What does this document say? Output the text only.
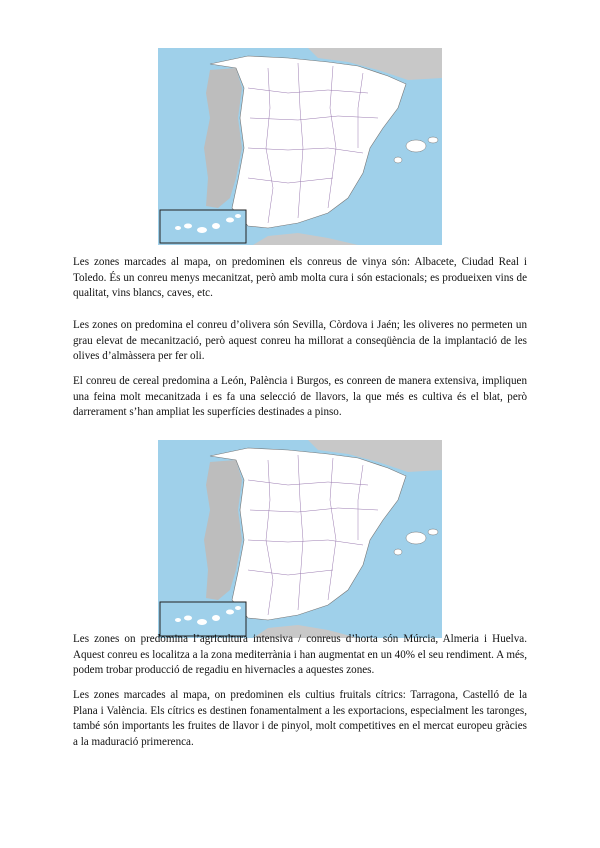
Les zones marcades al mapa, on predominen els conreus de vinya són: Albacete, Ciudad Real i Toledo. És un conreu menys mecanitzat, però amb molta cura i són estacionals; es produeixen vins de qualitat, vins blancs, caves, etc.

Les zones on predomina el conreu d’olivera són Sevilla, Còrdova i Jaén; les oliveres no permeten un grau elevat de mecanització, però aquest conreu ha millorat a conseqüència de la implantació de les olives d’almàssera per fer oli.

El conreu de cereal predomina a León, Palència i Burgos, es conreen de manera extensiva, impliquen una feina molt mecanitzada i es fa una selecció de llavors, la que més es cultiva és el blat, però darrerament s’han ampliat les superfícies destinades a pinso.

Les zones on predomina l’agricultura intensiva / conreus d’horta són Múrcia, Almeria i Huelva. Aquest conreu es localitza a la zona mediterrània i han augmentat en un 40% el seu rendiment. A més, podem trobar producció de regadiu en hivernacles a aquestes zones.

Les zones marcades al mapa, on predominen els cultius fruitals cítrics: Tarragona, Castelló de la Plana i València. Els cítrics es destinen fonamentalment a les exportacions, especialment les taronges, també són importants les fruites de llavor i de pinyol, molt competitives en el mercat europeu gràcies a la maduració primerenca.
